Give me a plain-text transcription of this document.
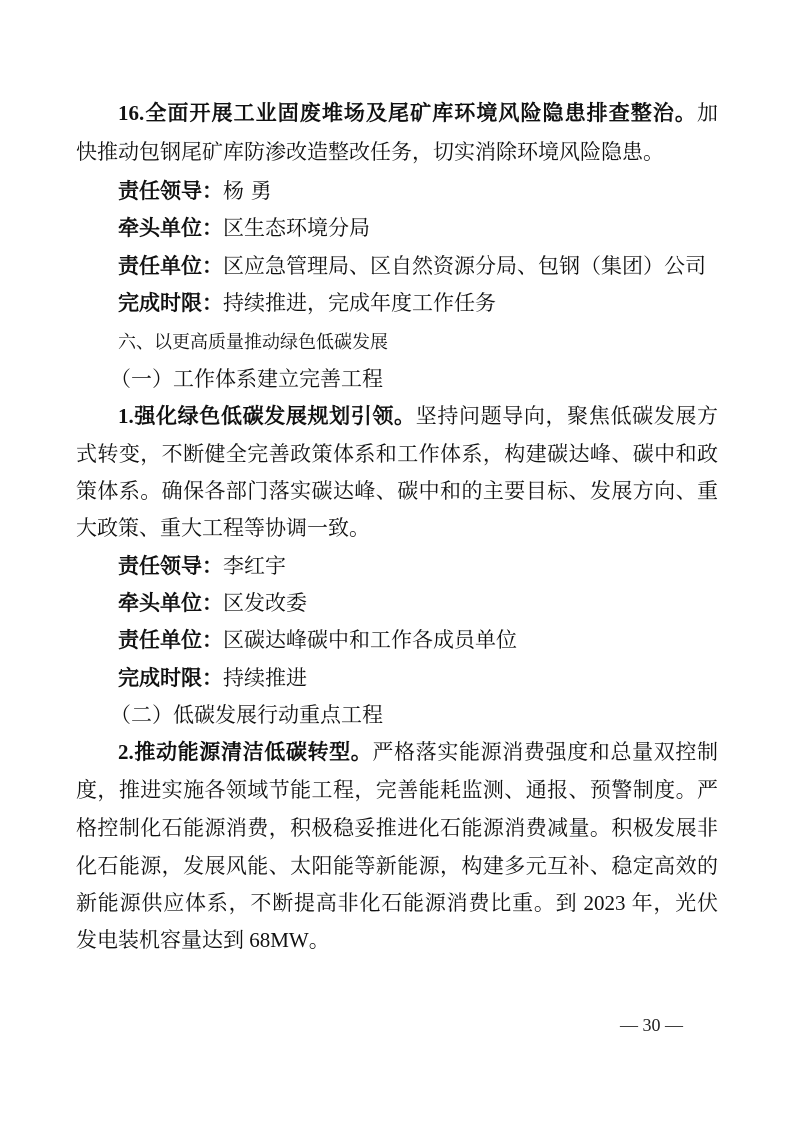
16.全面开展工业固废堆场及尾矿库环境风险隐患排查整治。加
快推动包钢尾矿库防渗改造整改任务，切实消除环境风险隐患。
责任领导：杨 勇
牵头单位：区生态环境分局
责任单位：区应急管理局、区自然资源分局、包钢（集团）公司
完成时限：持续推进，完成年度工作任务
六、以更高质量推动绿色低碳发展
（一）工作体系建立完善工程
1.强化绿色低碳发展规划引领。坚持问题导向，聚焦低碳发展方
式转变，不断健全完善政策体系和工作体系，构建碳达峰、碳中和政
策体系。确保各部门落实碳达峰、碳中和的主要目标、发展方向、重
大政策、重大工程等协调一致。
责任领导：李红宇
牵头单位：区发改委
责任单位：区碳达峰碳中和工作各成员单位
完成时限：持续推进
（二）低碳发展行动重点工程
2.推动能源清洁低碳转型。严格落实能源消费强度和总量双控制
度，推进实施各领域节能工程，完善能耗监测、通报、预警制度。严
格控制化石能源消费，积极稳妥推进化石能源消费减量。积极发展非
化石能源，发展风能、太阳能等新能源，构建多元互补、稳定高效的
新能源供应体系，不断提高非化石能源消费比重。到 2023 年，光伏
发电装机容量达到 68MW。
— 30 —
